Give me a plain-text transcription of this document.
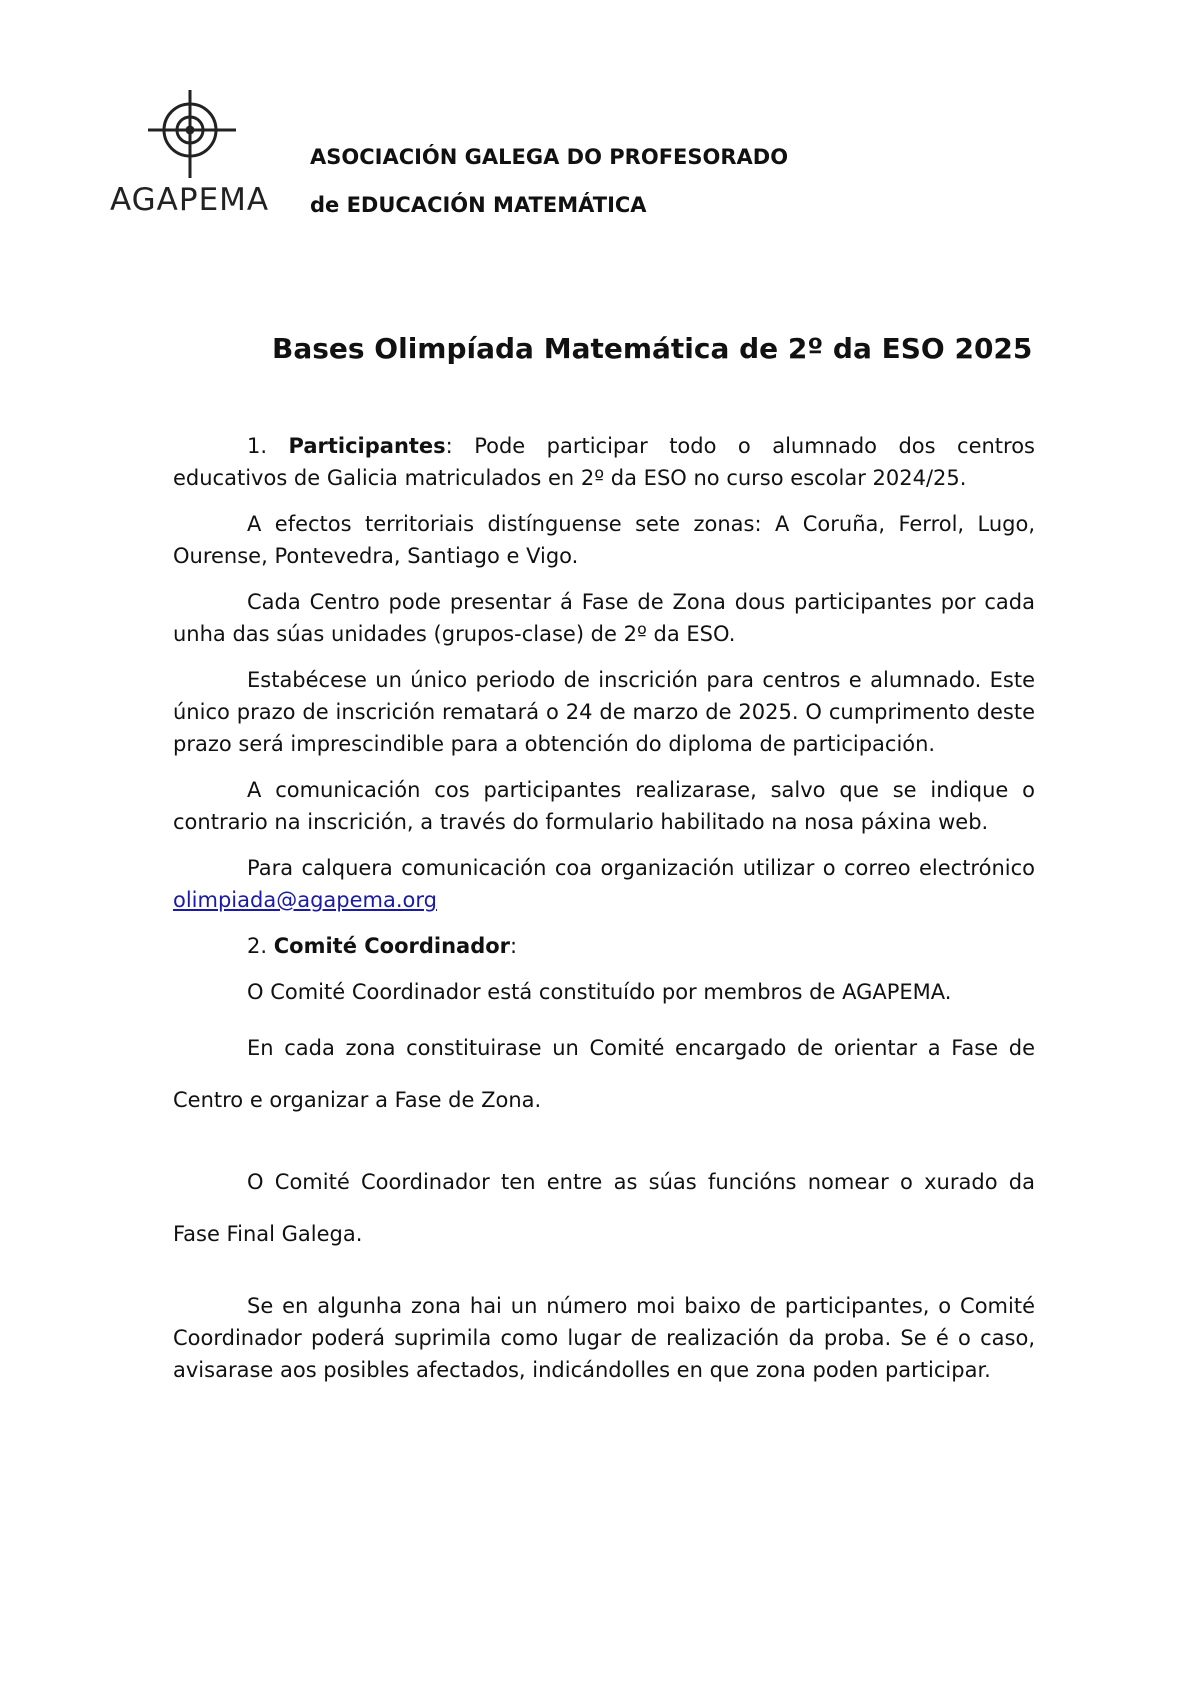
AGAPEMA
ASOCIACIÓN GALEGA DO PROFESORADO
de EDUCACIÓN MATEMÁTICA
Bases Olimpíada Matemática de 2º da ESO 2025

1. Participantes: Pode participar todo o alumnado dos centros educativos de Galicia matriculados en 2º da ESO no curso escolar 2024/25.

A efectos territoriais distínguense sete zonas: A Coruña, Ferrol, Lugo, Ourense, Pontevedra, Santiago e Vigo.

Cada Centro pode presentar á Fase de Zona dous participantes por cada unha das súas unidades (grupos-clase) de 2º da ESO.

Estabécese un único periodo de inscrición para centros e alumnado. Este único prazo de inscrición rematará o 24 de marzo de 2025. O cumprimento deste prazo será imprescindible para a obtención do diploma de participación.

A comunicación cos participantes realizarase, salvo que se indique o contrario na inscrición, a través do formulario habilitado na nosa páxina web.

Para calquera comunicación coa organización utilizar o correo electrónico olimpiada@agapema.org

2. Comité Coordinador:

O Comité Coordinador está constituído por membros de AGAPEMA.

En cada zona constituirase un Comité encargado de orientar a Fase de Centro e organizar a Fase de Zona.

O Comité Coordinador ten entre as súas funcións nomear o xurado da Fase Final Galega.

Se en algunha zona hai un número moi baixo de participantes, o Comité Coordinador poderá suprimila como lugar de realización da proba. Se é o caso, avisarase aos posibles afectados, indicándolles en que zona poden participar.
